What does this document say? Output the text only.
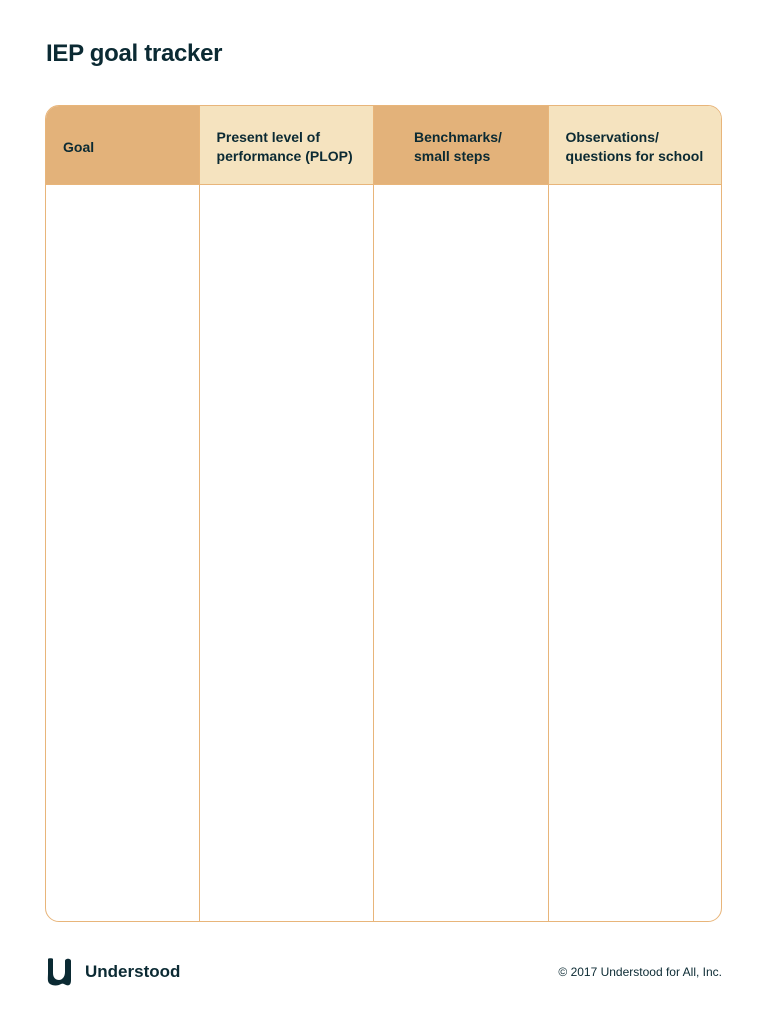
IEP goal tracker
Goal
Present level of
performance (PLOP)
Benchmarks/
small steps
Observations/
questions for school
Understood	© 2017 Understood for All, Inc.
